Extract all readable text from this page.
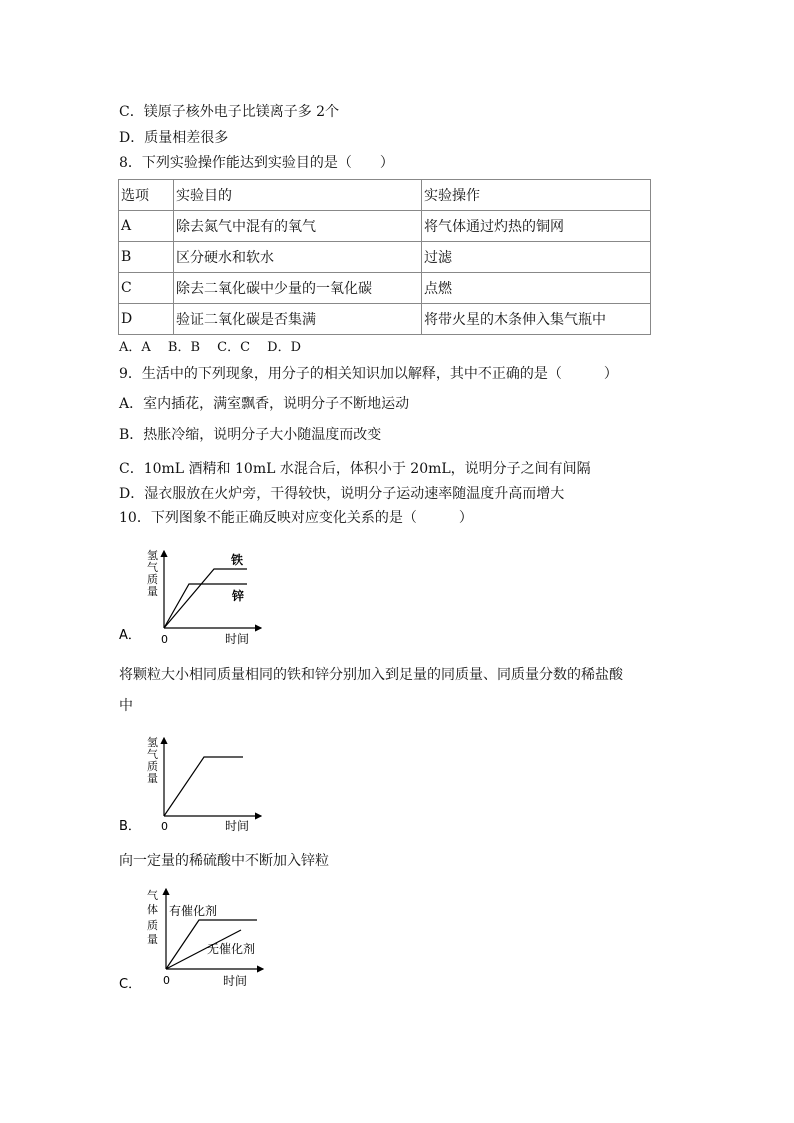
C．镁原子核外电子比镁离子多 2个
D．质量相差很多
8．下列实验操作能达到实验目的是（　　）
选项	实验目的	实验操作
A	除去氮气中混有的氧气	将气体通过灼热的铜网
B	区分硬水和软水	过滤
C	除去二氧化碳中少量的一氧化碳	点燃
D	验证二氧化碳是否集满	将带火星的木条伸入集气瓶中
A．A　 B．B　 C．C　 D．D
9．生活中的下列现象，用分子的相关知识加以解释，其中不正确的是（　　　）
A．室内插花，满室飘香，说明分子不断地运动
B．热胀冷缩，说明分子大小随温度而改变
C．10mL 酒精和 10mL 水混合后，体积小于 20mL，说明分子之间有间隔
D．湿衣服放在火炉旁，干得较快，说明分子运动速率随温度升高而增大
10．下列图象不能正确反映对应变化关系的是（　　　）
A．
氢
气
质
量
0	时间
铁
锌
将颗粒大小相同质量相同的铁和锌分别加入到足量的同质量、同质量分数的稀盐酸
中
B．
氢
气
质
量
0	时间
向一定量的稀硫酸中不断加入锌粒
C．
气
体
质
量
0	时间
有催化剂
无催化剂
